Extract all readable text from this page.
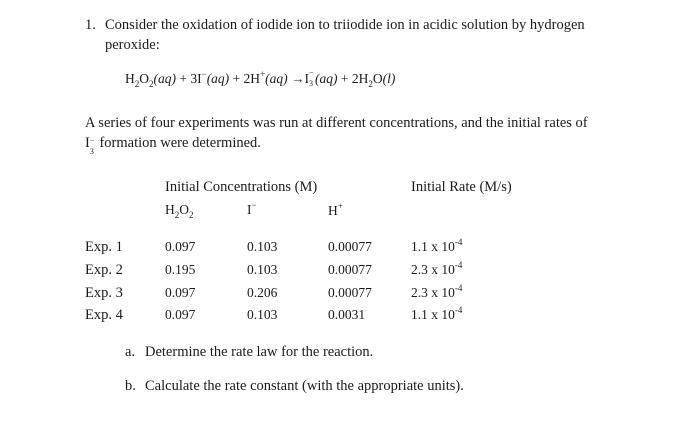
1. Consider the oxidation of iodide ion to triiodide ion in acidic solution by hydrogen
peroxide:
$H_2O_2(aq) + 3I^-(aq) + 2H^+(aq) \to I$ −
3 $(aq) + 2H_2O(l)$
A series of four experiments was run at different concentrations, and the initial rates of
I −
3
formation were determined.
Initial Concentrations (M)	Initial Rate (M/s)
$H_2O_2$	I−	H+
Exp. 1	0.097	0.103	0.00077	1.1 x $10^{-4}$
Exp. 2	0.195	0.103	0.00077	2.3 x $10^{-4}$
Exp. 3	0.097	0.206	0.00077	2.3 x $10^{-4}$
Exp. 4	0.097	0.103	0.0031	1.1 x $10^{-4}$
a. Determine the rate law for the reaction.
b. Calculate the rate constant (with the appropriate units).
